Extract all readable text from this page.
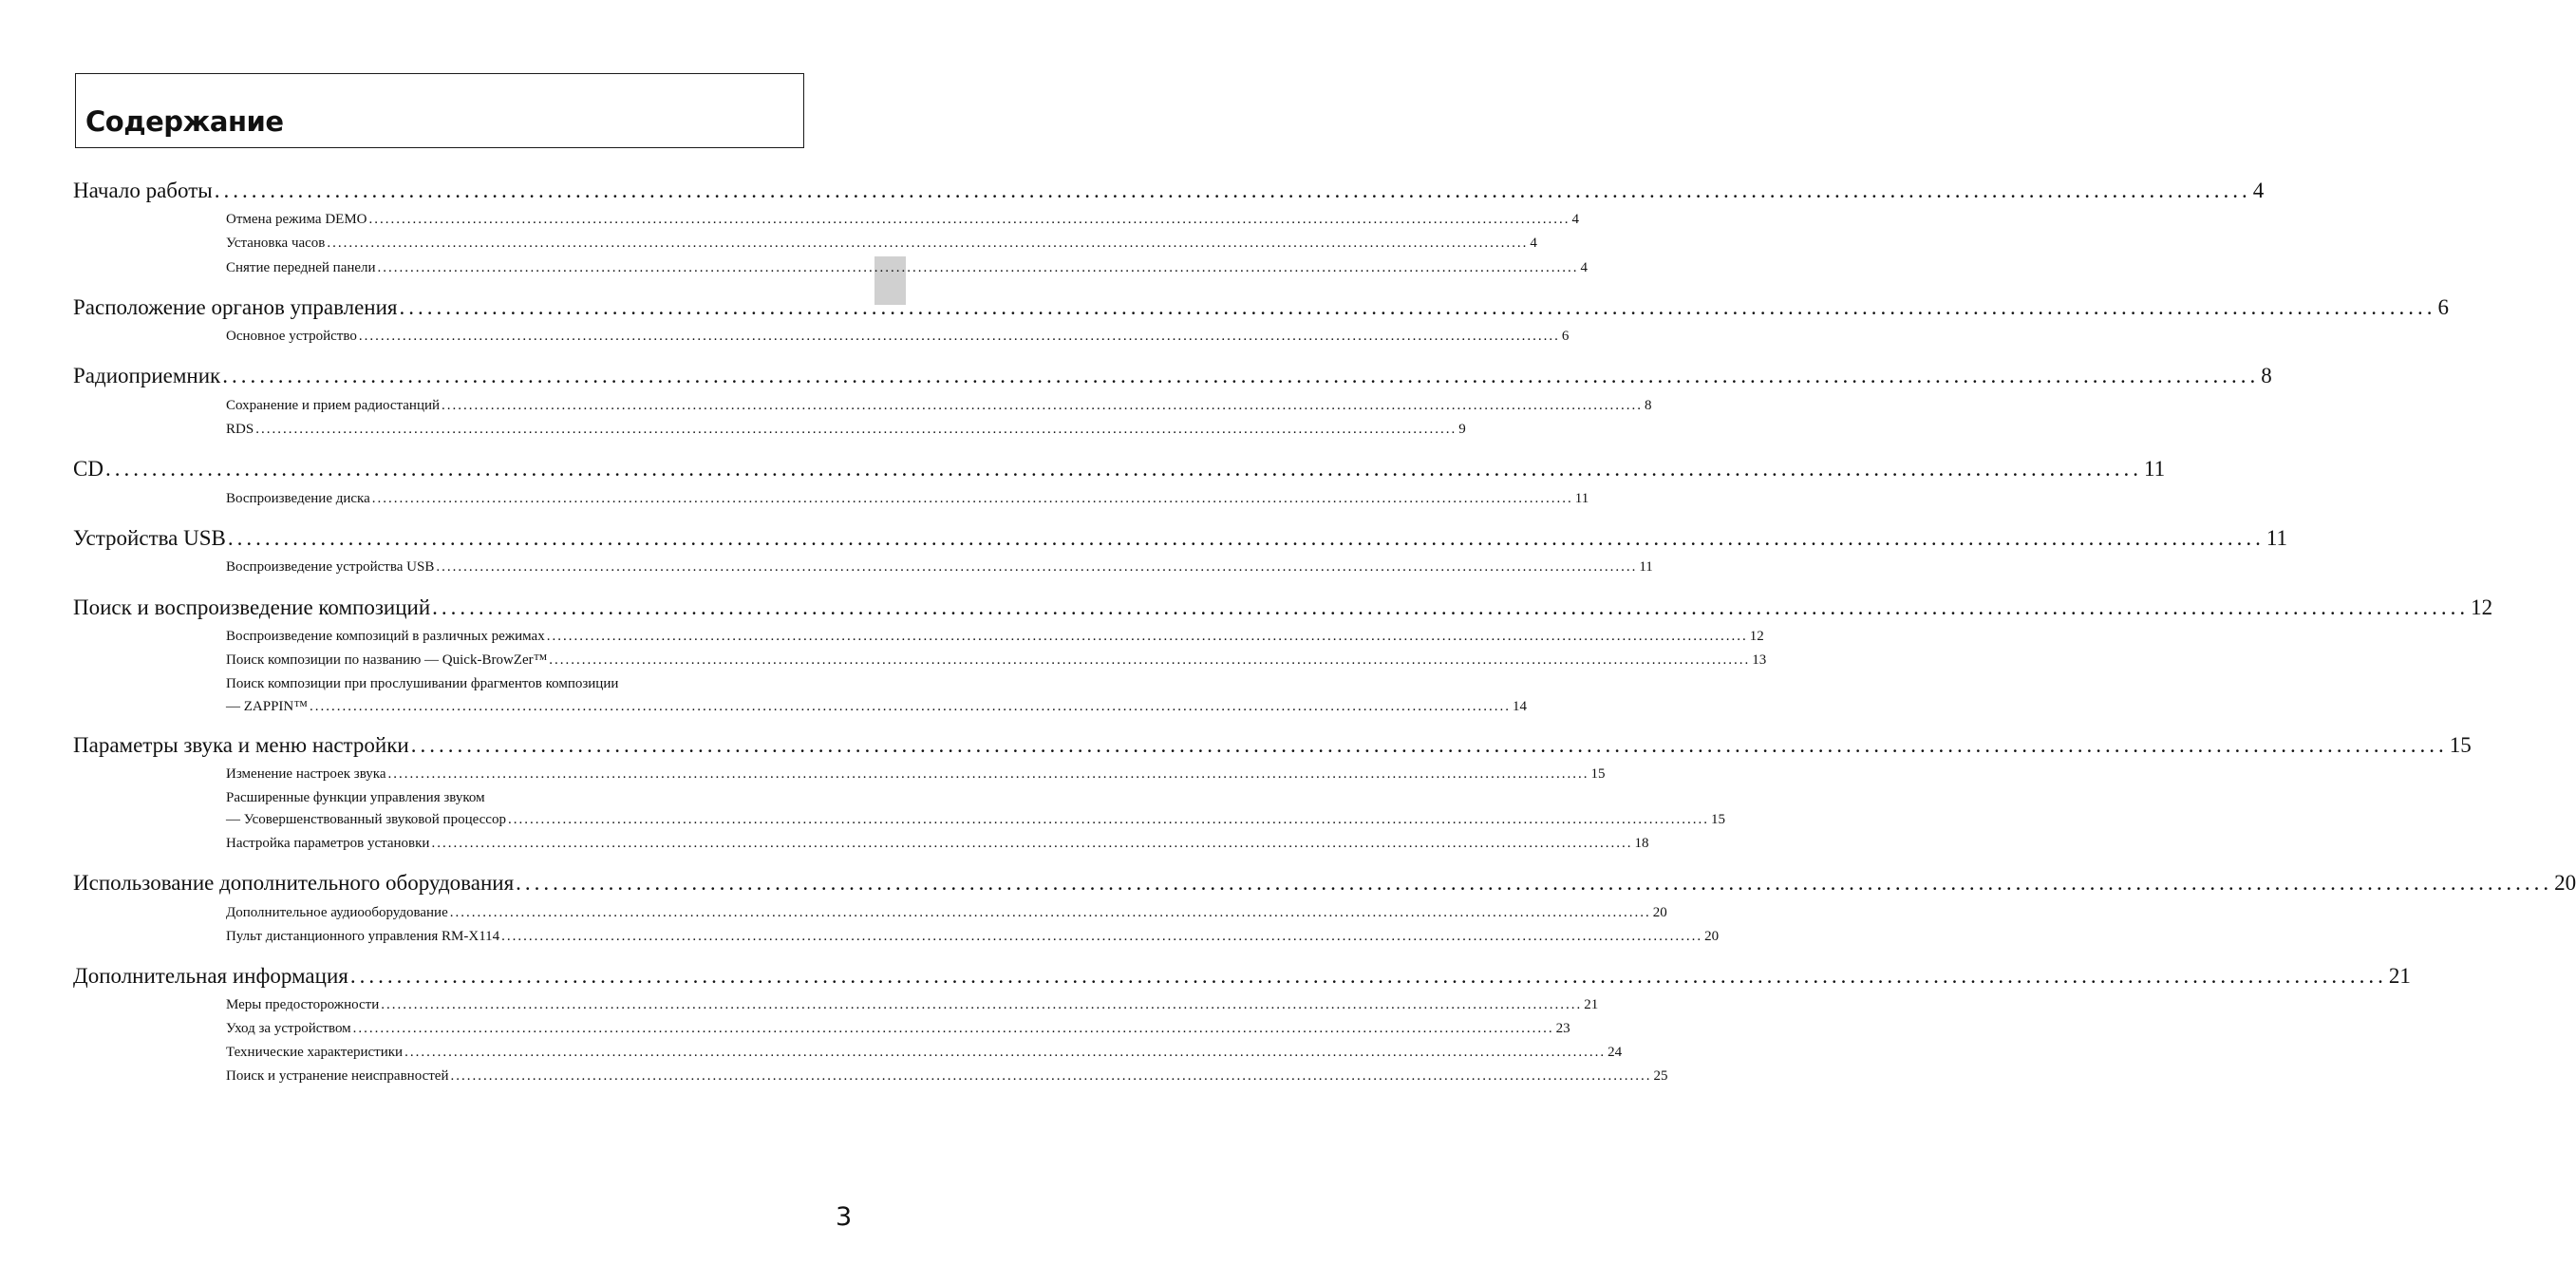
Содержание
Начало работы ............................................................................................................................................................................................................................ 4
Отмена режима DEMO ............................................................................................................................................................................................................................ 4
Установка часов ............................................................................................................................................................................................................................ 4
Снятие передней панели ............................................................................................................................................................................................................................ 4
Расположение органов управления ............................................................................................................................................................................................................................ 6
Основное устройство ............................................................................................................................................................................................................................ 6
Радиоприемник ............................................................................................................................................................................................................................ 8
Сохранение и прием радиостанций ............................................................................................................................................................................................................................ 8
RDS ............................................................................................................................................................................................................................ 9
CD ............................................................................................................................................................................................................................ 11
Воспроизведение диска ............................................................................................................................................................................................................................ 11
Устройства USB ............................................................................................................................................................................................................................ 11
Воспроизведение устройства USB ............................................................................................................................................................................................................................ 11
Поиск и воспроизведение композиций ............................................................................................................................................................................................................................ 12
Воспроизведение композиций в различных режимах ............................................................................................................................................................................................................................ 12
Поиск композиции по названию — Quick-BrowZer™ ............................................................................................................................................................................................................................ 13
Поиск композиции при прослушивании фрагментов композиции
— ZAPPIN™ ............................................................................................................................................................................................................................ 14
Параметры звука и меню настройки ............................................................................................................................................................................................................................ 15
Изменение настроек звука ............................................................................................................................................................................................................................ 15
Расширенные функции управления звуком
— Усовершенствованный звуковой процессор ............................................................................................................................................................................................................................ 15
Настройка параметров установки ............................................................................................................................................................................................................................ 18
Использование дополнительного оборудования ............................................................................................................................................................................................................................ 20
Дополнительное аудиооборудование ............................................................................................................................................................................................................................ 20
Пульт дистанционного управления RM-X114 ............................................................................................................................................................................................................................ 20
Дополнительная информация ............................................................................................................................................................................................................................ 21
Меры предосторожности ............................................................................................................................................................................................................................ 21
Уход за устройством ............................................................................................................................................................................................................................ 23
Технические характеристики ............................................................................................................................................................................................................................ 24
Поиск и устранение неисправностей ............................................................................................................................................................................................................................ 25
3
